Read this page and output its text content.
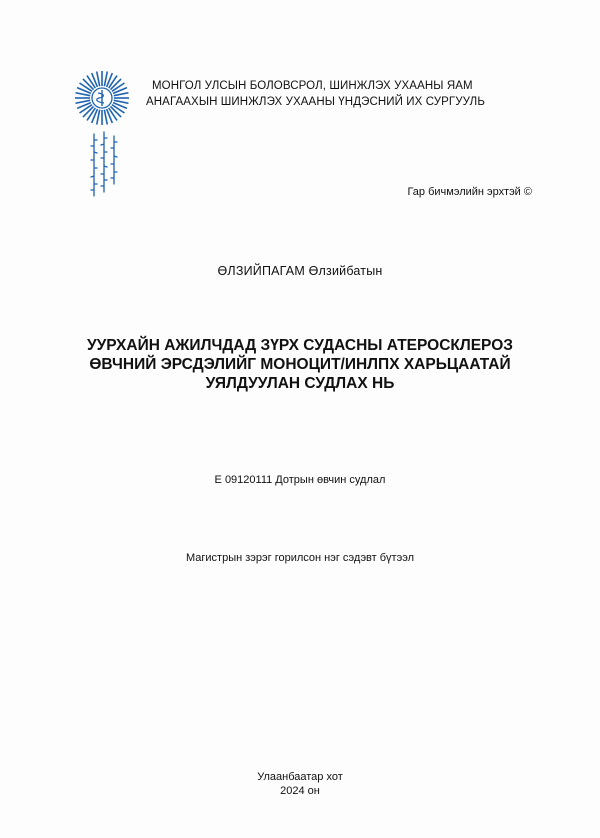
МОНГОЛ УЛСЫН БОЛОВСРОЛ, ШИНЖЛЭХ УХААНЫ ЯАМ
АНАГААХЫН ШИНЖЛЭХ УХААНЫ ҮНДЭСНИЙ ИХ СУРГУУЛЬ
Гар бичмэлийн эрхтэй ©
ӨЛЗИЙПАГАМ Өлзийбатын
УУРХАЙН АЖИЛЧДАД ЗҮРХ СУДАСНЫ АТЕРОСКЛЕРОЗ
ӨВЧНИЙ ЭРСДЭЛИЙГ МОНОЦИТ/ИНЛПХ ХАРЬЦААТАЙ
УЯЛДУУЛАН СУДЛАХ НЬ
Е 09120111 Дотрын өвчин судлал
Магистрын зэрэг горилсон нэг сэдэвт бүтээл
Улаанбаатар хот
2024 он
